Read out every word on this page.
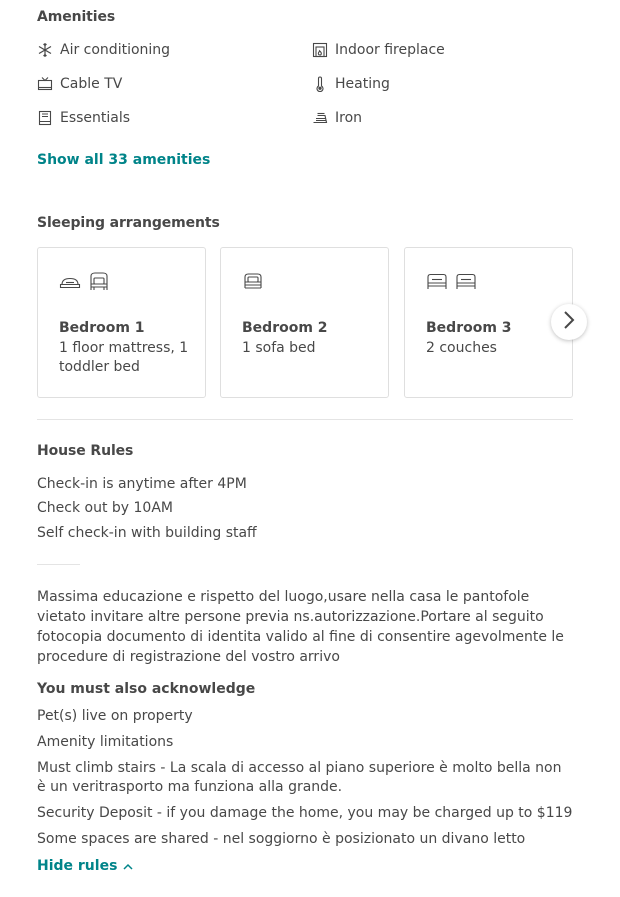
Amenities
Air conditioning	Indoor fireplace
Cable TV	Heating
Essentials	Iron
Show all 33 amenities
Sleeping arrangements
Bedroom 1
1 floor mattress, 1 toddler bed
Bedroom 2
1 sofa bed
Bedroom 3
2 couches
House Rules
Check-in is anytime after 4PM
Check out by 10AM
Self check-in with building staff
Massima educazione e rispetto del luogo,usare nella casa le pantofole vietato invitare altre persone previa ns.autorizzazione.Portare al seguito fotocopia documento di identita valido al fine di consentire agevolmente le procedure di registrazione del vostro arrivo
You must also acknowledge
Pet(s) live on property
Amenity limitations
Must climb stairs - La scala di accesso al piano superiore è molto bella non è un veritrasporto ma funziona alla grande.
Security Deposit - if you damage the home, you may be charged up to $119
Some spaces are shared - nel soggiorno è posizionato un divano letto
Hide rules
